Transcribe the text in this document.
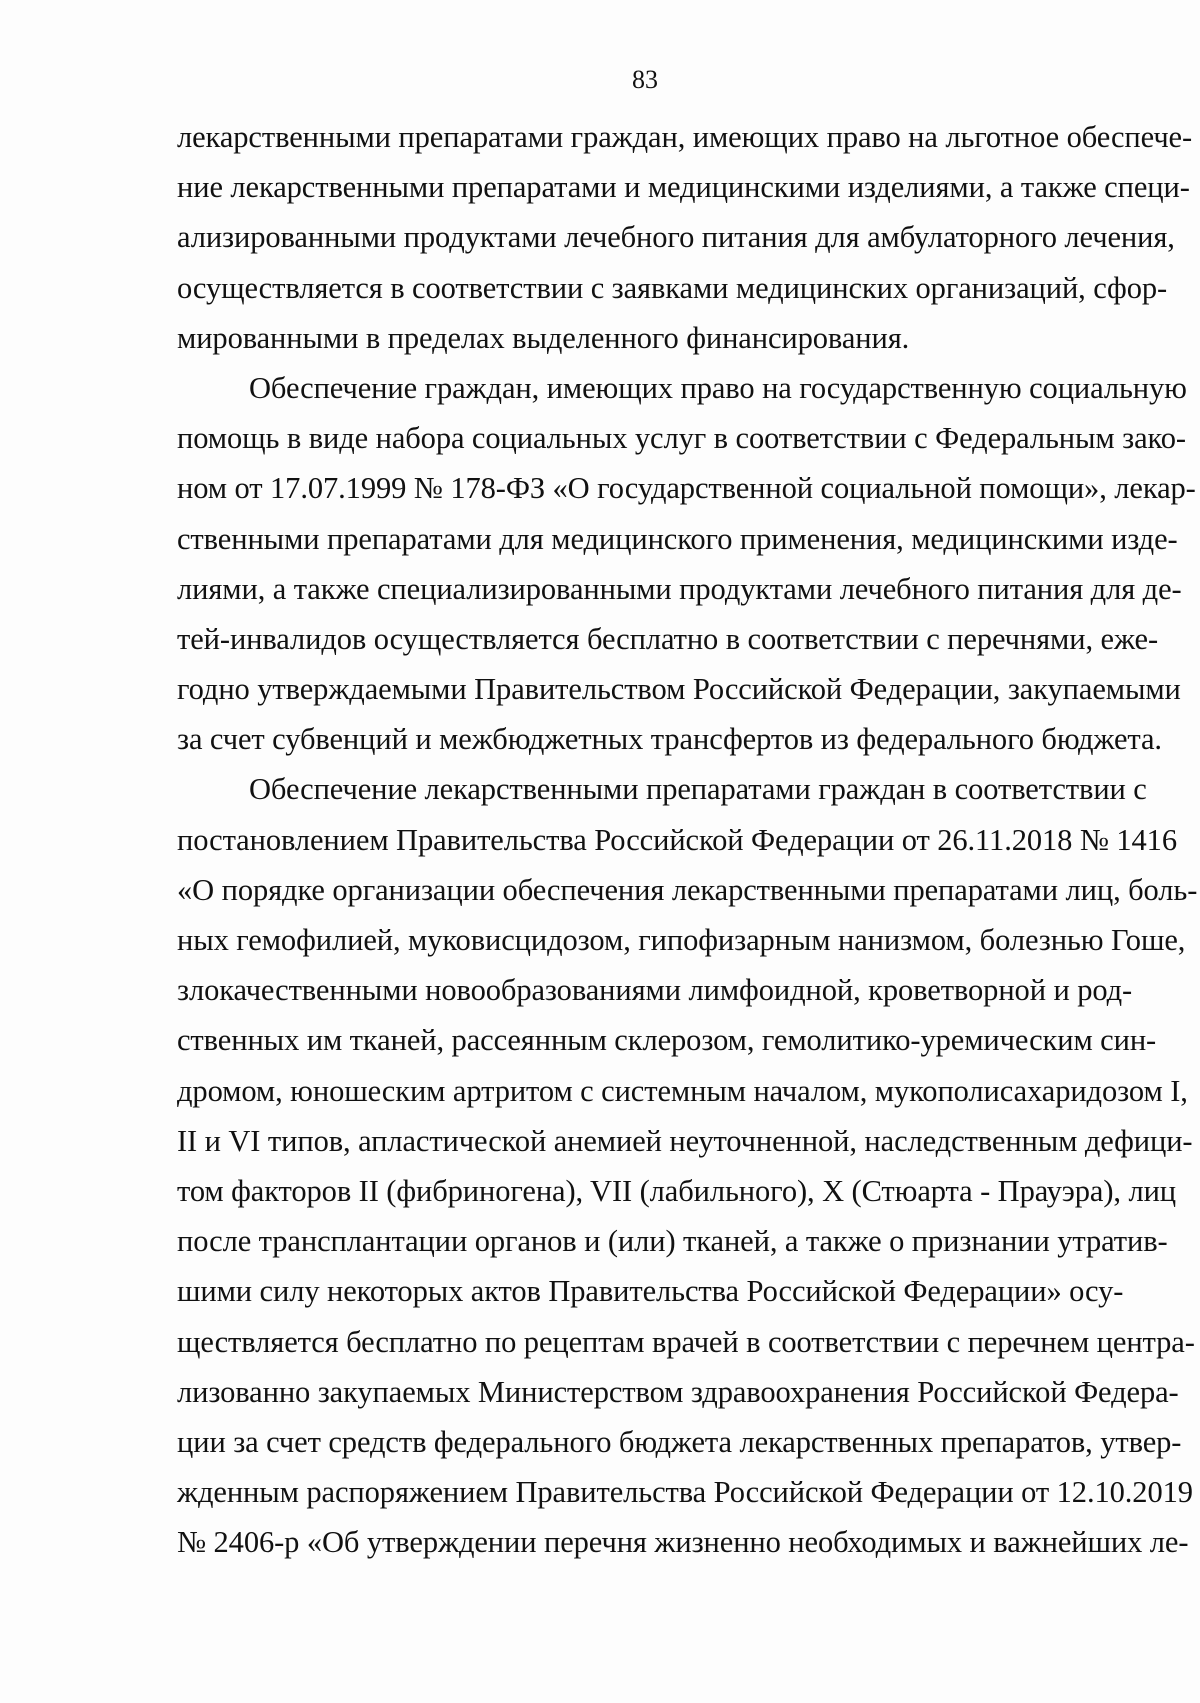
83

лекарственными препаратами граждан, имеющих право на льготное обеспече-
ние лекарственными препаратами и медицинскими изделиями, а также специ-
ализированными продуктами лечебного питания для амбулаторного лечения,
осуществляется в соответствии с заявками медицинских организаций, сфор-
мированными в пределах выделенного финансирования.

Обеспечение граждан, имеющих право на государственную социальную
помощь в виде набора социальных услуг в соответствии с Федеральным зако-
ном от 17.07.1999 № 178-ФЗ «О государственной социальной помощи», лекар-
ственными препаратами для медицинского применения, медицинскими изде-
лиями, а также специализированными продуктами лечебного питания для де-
тей-инвалидов осуществляется бесплатно в соответствии с перечнями, еже-
годно утверждаемыми Правительством Российской Федерации, закупаемыми
за счет субвенций и межбюджетных трансфертов из федерального бюджета.

Обеспечение лекарственными препаратами граждан в соответствии с
постановлением Правительства Российской Федерации от 26.11.2018 № 1416
«О порядке организации обеспечения лекарственными препаратами лиц, боль-
ных гемофилией, муковисцидозом, гипофизарным нанизмом, болезнью Гоше,
злокачественными новообразованиями лимфоидной, кроветворной и род-
ственных им тканей, рассеянным склерозом, гемолитико-уремическим син-
дромом, юношеским артритом с системным началом, мукополисахаридозом I,
II и VI типов, апластической анемией неуточненной, наследственным дефици-
том факторов II (фибриногена), VII (лабильного), X (Стюарта - Прауэра), лиц
после трансплантации органов и (или) тканей, а также о признании утратив-
шими силу некоторых актов Правительства Российской Федерации» осу-
ществляется бесплатно по рецептам врачей в соответствии с перечнем центра-
лизованно закупаемых Министерством здравоохранения Российской Федера-
ции за счет средств федерального бюджета лекарственных препаратов, утвер-
жденным распоряжением Правительства Российской Федерации от 12.10.2019
№ 2406-р «Об утверждении перечня жизненно необходимых и важнейших ле-
